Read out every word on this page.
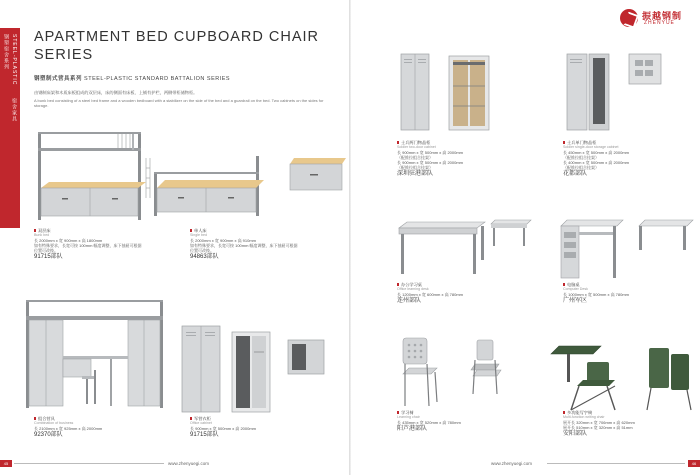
钢塑宿舍系列 STEEL-PLASTIC
宿舍家具
APARTMENT BED CUPBOARD CHAIR SERIES
钢塑制式营具系列 STEEL-PLASTIC STANDARD BATTALION SERIES
由钢制床架和木质床板组成的双层床，床的侧面有床板、上铺有护栏，两侧带柜储物柜。
A bunk bed consisting of a steel bed frame and a wooden bedboard with a stabilizer on the side of the bed and a guardrail on the bed. Two cabinets on the sides for storage.
双层床
Bunk bed
长 2000mm x 宽 900mm x 高 1800mm
如有特殊要求，长宽可按 100mm 幅度调整，床下抽屉可根据位置可改换。
91715部队
单人床
Single bed
长 2000mm x 宽 900mm x 高 910mm
如有特殊要求，长宽可按 100mm 幅度调整，床下抽屉可根据位置可改换。
94863部队
组合营具
Combination of business
长 2100mm x 宽 925mm x 高 2000mm
92370部队
军营衣柜
Office cabinet
长 900mm x 宽 500mm x 高 2000mm
91715部队
www.zhenyuegi.com
45
振越钢制
ZHENYUE
士兵两门物品柜
Soldier two-door cabinet
长 900mm x 宽 500mm x 高 2000mm
（配推拉组合挂架）
长 900mm x 宽 500mm x 高 2000mm
（配推拉组合挂架）
深圳驻港部队
士兵单门物品柜
Soldier single-door storage cabinet
长 450mm x 宽 500mm x 高 2000mm
（配推拉组合挂架）
长 400mm x 宽 500mm x 高 2000mm
（配推拉组合挂架）
花都部队
办公学习桌
Office learning desk
长 1200mm x 宽 600mm x 高 780mm
连州部队
电脑桌
Computer Desk
长 1000mm x 宽 500mm x 高 780mm
广州军区
学习椅
Learning chair
长 435mm x 宽 520mm x 高 780mm
阳芦港部队
多功能写字椅
Multi-function writing chair
展开长 320mm x 宽 706mm x 高 620mm
展开长 510mm x 宽 320mm x 高 51mm
安阳部队
www.zhenyuegi.com	46
